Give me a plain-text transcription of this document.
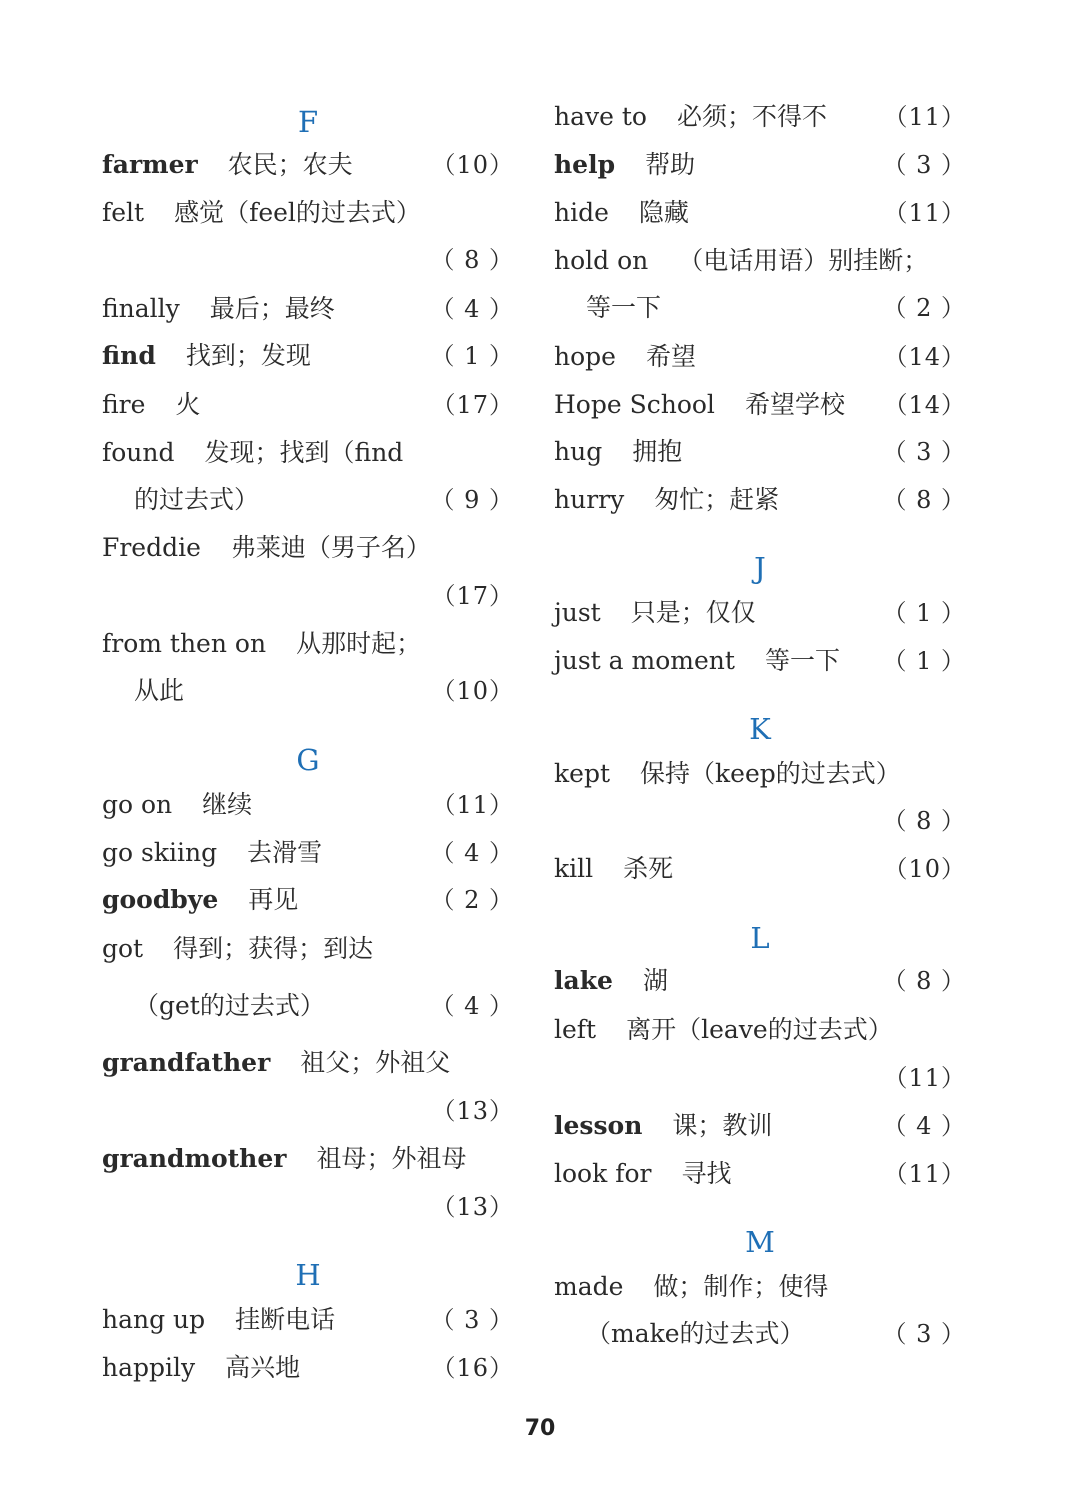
F
farmer 农民；农夫	（10）
felt 感觉（feel的过去式）
（ 8 ）
finally 最后；最终	（ 4 ）
find 找到；发现	（ 1 ）
fire 火	（17）
found 发现；找到（find
的过去式）	（ 9 ）
Freddie 弗莱迪（男子名）
（17）
from then on 从那时起；
从此	（10）
G
go on 继续	（11）
go skiing 去滑雪	（ 4 ）
goodbye 再见	（ 2 ）
got 得到；获得；到达
（get的过去式）	（ 4 ）
grandfather 祖父；外祖父
（13）
grandmother 祖母；外祖母
（13）
H
hang up 挂断电话	（ 3 ）
happily 高兴地	（16）
have to 必须；不得不 （11）
help 帮助	（ 3 ）
hide 隐藏	（11）
hold on （电话用语）别挂断；
等一下	（ 2 ）
hope 希望	（14）
Hope School 希望学校 （14）
hug 拥抱	（ 3 ）
hurry 匆忙；赶紧	（ 8 ）
J
just 只是；仅仅	（ 1 ）
just a moment 等一下 （ 1 ）
K
kept 保持（keep的过去式）
（ 8 ）
kill 杀死	（10）
L
lake 湖	（ 8 ）
left 离开（leave的过去式）
（11）
lesson 课；教训	（ 4 ）
look for 寻找	（11）
M
made 做；制作；使得
（make的过去式）	（ 3 ）
70
